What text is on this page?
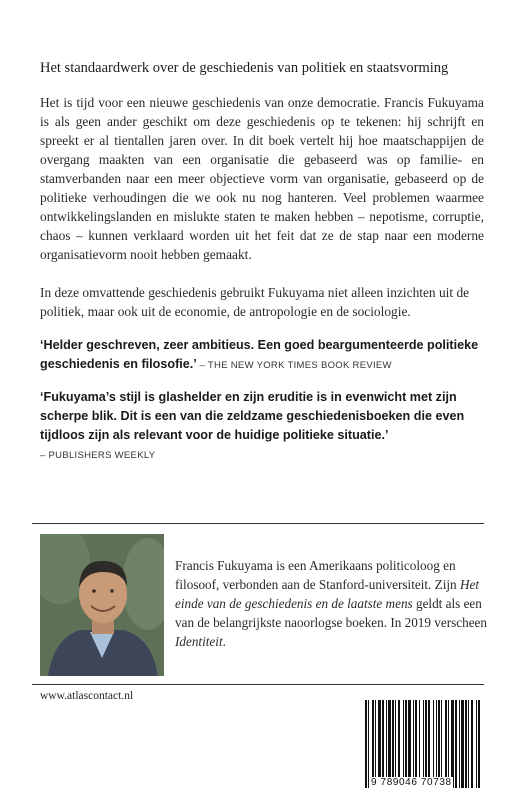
Het standaardwerk over de geschiedenis van politiek en staatsvorming

Het is tijd voor een nieuwe geschiedenis van onze democratie. Francis Fukuyama is als geen ander geschikt om deze geschiedenis op te tekenen: hij schrijft en spreekt er al tientallen jaren over. In dit boek vertelt hij hoe maatschappijen de overgang maakten van een organisatie die gebaseerd was op familie- en stamverbanden naar een meer objectieve vorm van organisatie, gebaseerd op de politieke verhoudingen die we ook nu nog hanteren. Veel problemen waarmee ontwikkelingslanden en mislukte staten te maken hebben – nepotisme, corruptie, chaos – kunnen verklaard worden uit het feit dat ze de stap naar een moderne organisatievorm nooit hebben gemaakt.

In deze omvattende geschiedenis gebruikt Fukuyama niet alleen inzichten uit de politiek, maar ook uit de economie, de antropologie en de sociologie.

‘Helder geschreven, zeer ambitieus. Een goed beargumenteerde politieke geschiedenis en filosofie.’ – THE NEW YORK TIMES BOOK REVIEW

‘Fukuyama’s stijl is glashelder en zijn eruditie is in evenwicht met zijn scherpe blik. Dit is een van die zeldzame geschiedenisboeken die even tijdloos zijn als relevant voor de huidige politieke situatie.’
– PUBLISHERS WEEKLY

Francis Fukuyama is een Amerikaans politicoloog en filosoof, verbonden aan de Stanford-universiteit. Zijn Het einde van de geschiedenis en de laatste mens geldt als een van de belangrijkste naoorlogse boeken. In 2019 verscheen Identiteit.

www.atlascontact.nl
9 789046 70738
